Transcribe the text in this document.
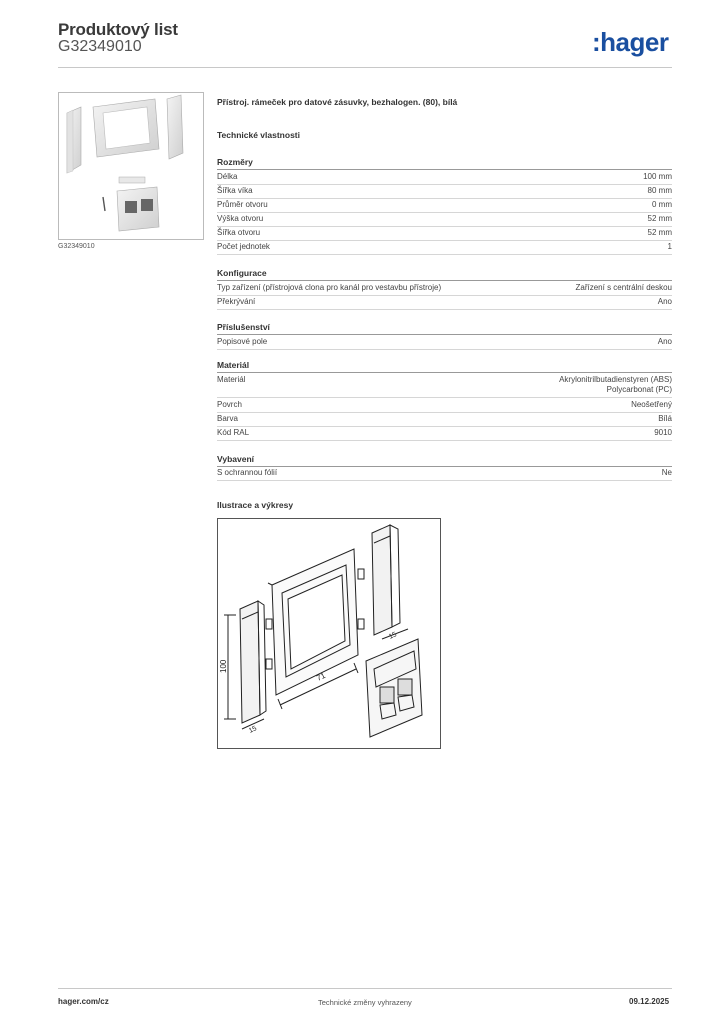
Produktový list
G32349010	:hager
G32349010
Přístroj. rámeček pro datové zásuvky, bezhalogen. (80), bílá
Technické vlastnosti
Rozměry
Délka	100 mm
Šířka víka	80 mm
Průměr otvoru	0 mm
Výška otvoru	52 mm
Šířka otvoru	52 mm
Počet jednotek	1
Konfigurace
Typ zařízení (přístrojová clona pro kanál pro vestavbu přístroje)	Zařízení s centrální deskou
Překrývání	Ano
Příslušenství
Popisové pole	Ano
Materiál
Materiál	Akrylonitrilbutadienstyren (ABS)
Polycarbonat (PC)
Povrch	Neošetřený
Barva	Bílá
Kód RAL	9010
Vybavení
S ochrannou fólií	Ne
Ilustrace a výkresy
100
15
71
15
hager.com/cz	Technické změny vyhrazeny	09.12.2025
